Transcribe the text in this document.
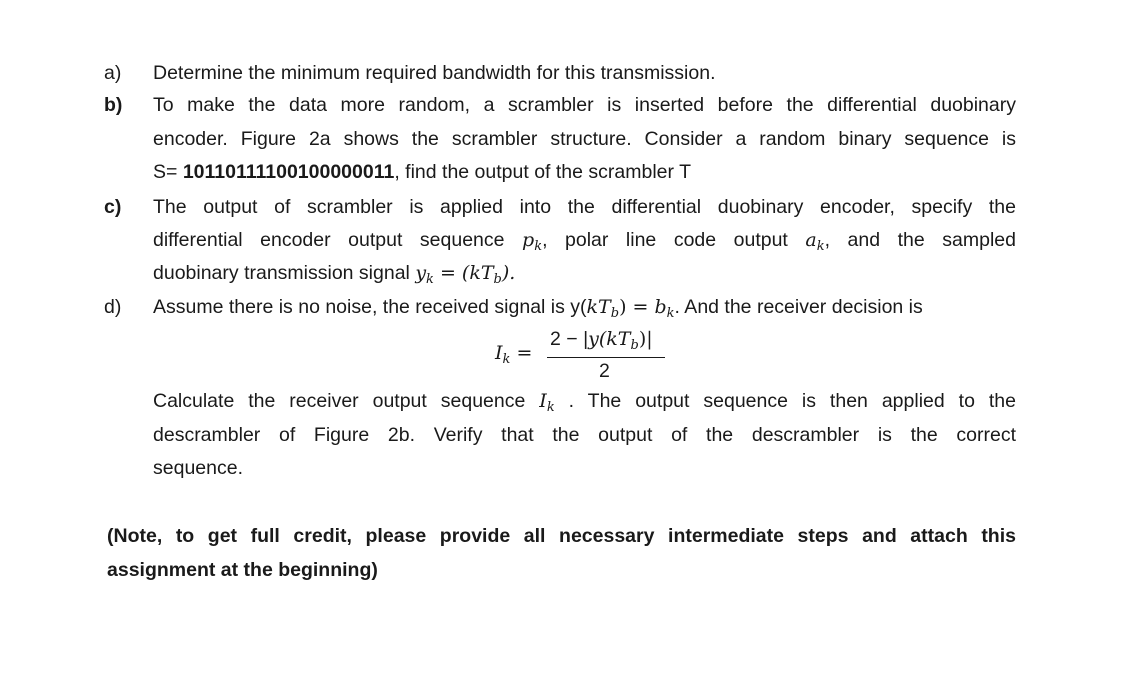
a) Determine the minimum required bandwidth for this transmission.
b) To make the data more random, a scrambler is inserted before the differential duobinary
encoder. Figure 2a shows the scrambler structure. Consider a random binary sequence is
S= 10110111100100000011, find the output of the scrambler T
c) The output of scrambler is applied into the differential duobinary encoder, specify the
differential encoder output sequence $p_k$, polar line code output $a_k$, and the sampled
duobinary transmission signal $y_k = (kT_b)$.
d) Assume there is no noise, the received signal is $y(kT_b) = b_k$. And the receiver decision is
$I_k$ =
$2 - |y(kT_b)|$
2
Calculate the receiver output sequence $I_k$ . The output sequence is then applied to the
descrambler of Figure 2b. Verify that the output of the descrambler is the correct
sequence.
(Note, to get full credit, please provide all necessary intermediate steps and attach this
assignment at the beginning)
